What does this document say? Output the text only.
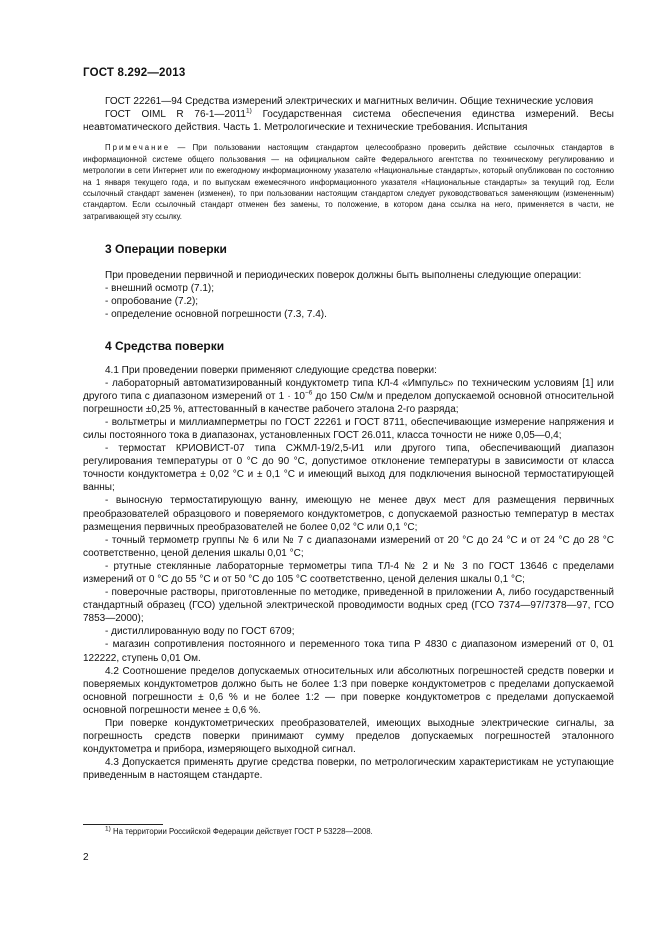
ГОСТ 8.292—2013

ГОСТ 22261—94 Средства измерений электрических и магнитных величин. Общие технические условия

ГОСТ OIML R 76-1—2011$^{1)}$ Государственная система обеспечения единства измерений. Весы неавтоматического действия. Часть 1. Метрологические и технические требования. Испытания

Примечание — При пользовании настоящим стандартом целесообразно проверить действие ссылочных стандартов в информационной системе общего пользования — на официальном сайте Федерального агентства по техническому регулированию и метрологии в сети Интернет или по ежегодному информационному указателю «Национальные стандарты», который опубликован по состоянию на 1 января текущего года, и по выпускам ежемесячного информационного указателя «Национальные стандарты» за текущий год. Если ссылочный стандарт заменен (изменен), то при пользовании настоящим стандартом следует руководствоваться заменяющим (измененным) стандартом. Если ссылочный стандарт отменен без замены, то положение, в котором дана ссылка на него, применяется в части, не затрагивающей эту ссылку.

3 Операции поверки

При проведении первичной и периодических поверок должны быть выполнены следующие операции:

- внешний осмотр (7.1);

- опробование (7.2);

- определение основной погрешности (7.3, 7.4).

4 Средства поверки

4.1 При проведении поверки применяют следующие средства поверки:

- лабораторный автоматизированный кондуктометр типа КЛ-4 «Импульс» по техническим условиям [1] или другого типа с диапазоном измерений от $1 \cdot 10^{-6}$ до 150 См/м и пределом допускаемой основной относительной погрешности ±0,25 %, аттестованный в качестве рабочего эталона 2-го разряда;

- вольтметры и миллиамперметры по ГОСТ 22261 и ГОСТ 8711, обеспечивающие измерение напряжения и силы постоянного тока в диапазонах, установленных ГОСТ 26.011, класса точности не ниже 0,05—0,4;

- термостат КРИОВИСТ-07 типа СЖМЛ-19/2,5-И1 или другого типа, обеспечивающий диапазон регулирования температуры от 0 °С до 90 °С, допустимое отклонение температуры в зависимости от класса точности кондуктометра ± 0,02 °С и ± 0,1 °С и имеющий выход для подключения выносной термостатирующей ванны;

- выносную термостатирующую ванну, имеющую не менее двух мест для размещения первичных преобразователей образцового и поверяемого кондуктометров, с допускаемой разностью температур в местах размещения первичных преобразователей не более 0,02 °С или 0,1 °С;

- точный термометр группы № 6 или № 7 с диапазонами измерений от 20 °С до 24 °С и от 24 °С до 28 °С соответственно, ценой деления шкалы 0,01 °С;

- ртутные стеклянные лабораторные термометры типа ТЛ-4 № 2 и № 3 по ГОСТ 13646 с пределами измерений от 0 °С до 55 °С и от 50 °С до 105 °С соответственно, ценой деления шкалы 0,1 °С;

- поверочные растворы, приготовленные по методике, приведенной в приложении А, либо государственный стандартный образец (ГСО) удельной электрической проводимости водных сред (ГСО 7374—97/7378—97, ГСО 7853—2000);

- дистиллированную воду по ГОСТ 6709;

- магазин сопротивления постоянного и переменного тока типа Р 4830 с диапазоном измерений от 0, 01 122222, ступень 0,01 Ом.

4.2 Соотношение пределов допускаемых относительных или абсолютных погрешностей средств поверки и поверяемых кондуктометров должно быть не более 1:3 при поверке кондуктометров с пределами допускаемой основной погрешности ± 0,6 % и не более 1:2 — при поверке кондуктометров с пределами допускаемой основной погрешности менее ± 0,6 %.

При поверке кондуктометрических преобразователей, имеющих выходные электрические сигналы, за погрешность средств поверки принимают сумму пределов допускаемых погрешностей эталонного кондуктометра и прибора, измеряющего выходной сигнал.

4.3 Допускается применять другие средства поверки, по метрологическим характеристикам не уступающие приведенным в настоящем стандарте.

$^{1)}$ На территории Российской Федерации действует ГОСТ Р 53228—2008.
2
